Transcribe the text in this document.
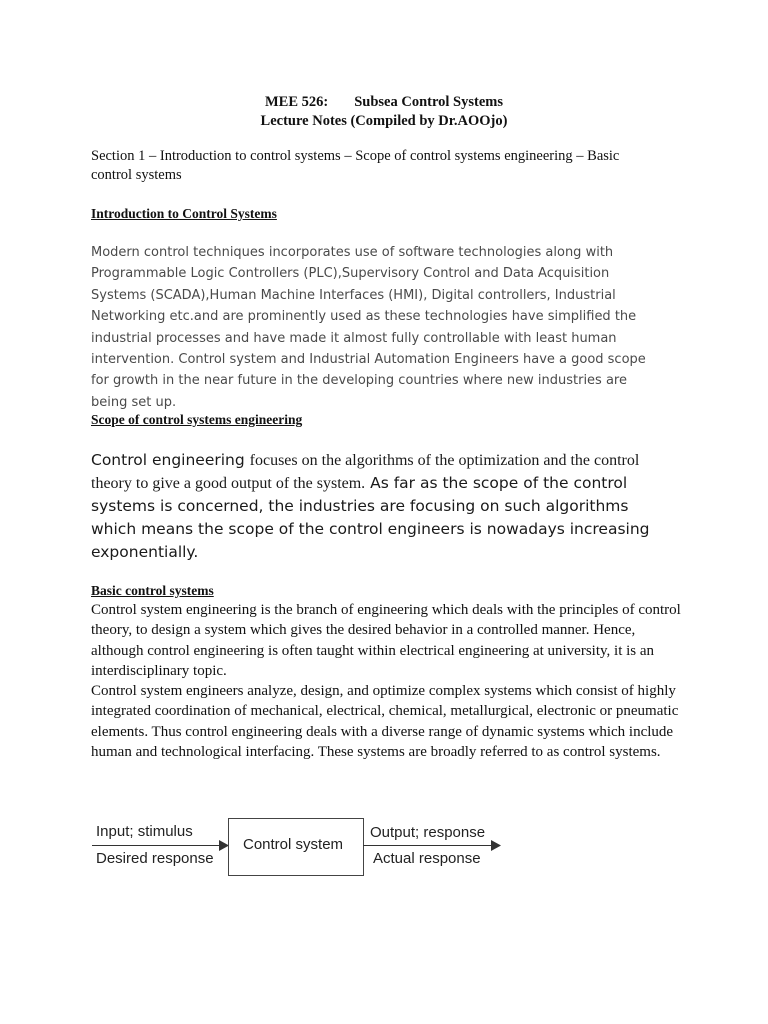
MEE 526: Subsea Control Systems
Lecture Notes (Compiled by Dr.AOOjo)
Section 1 – Introduction to control systems – Scope of control systems engineering – Basic control systems
Introduction to Control Systems
Modern control techniques incorporates use of software technologies along with Programmable Logic Controllers (PLC),Supervisory Control and Data Acquisition Systems (SCADA),Human Machine Interfaces (HMI), Digital controllers, Industrial Networking etc.and are prominently used as these technologies have simplified the industrial processes and have made it almost fully controllable with least human intervention. Control system and Industrial Automation Engineers have a good scope for growth in the near future in the developing countries where new industries are being set up.
Scope of control systems engineering
Control engineering focuses on the algorithms of the optimization and the control theory to give a good output of the system. As far as the scope of the control systems is concerned, the industries are focusing on such algorithms which means the scope of the control engineers is nowadays increasing exponentially.
Basic control systems

Control system engineering is the branch of engineering which deals with the principles of control theory, to design a system which gives the desired behavior in a controlled manner. Hence, although control engineering is often taught within electrical engineering at university, it is an interdisciplinary topic.

Control system engineers analyze, design, and optimize complex systems which consist of highly integrated coordination of mechanical, electrical, chemical, metallurgical, electronic or pneumatic elements. Thus control engineering deals with a diverse range of dynamic systems which include human and technological interfacing. These systems are broadly referred to as control systems.

Input; stimulus
Desired response
Control system
Output; response
Actual response
